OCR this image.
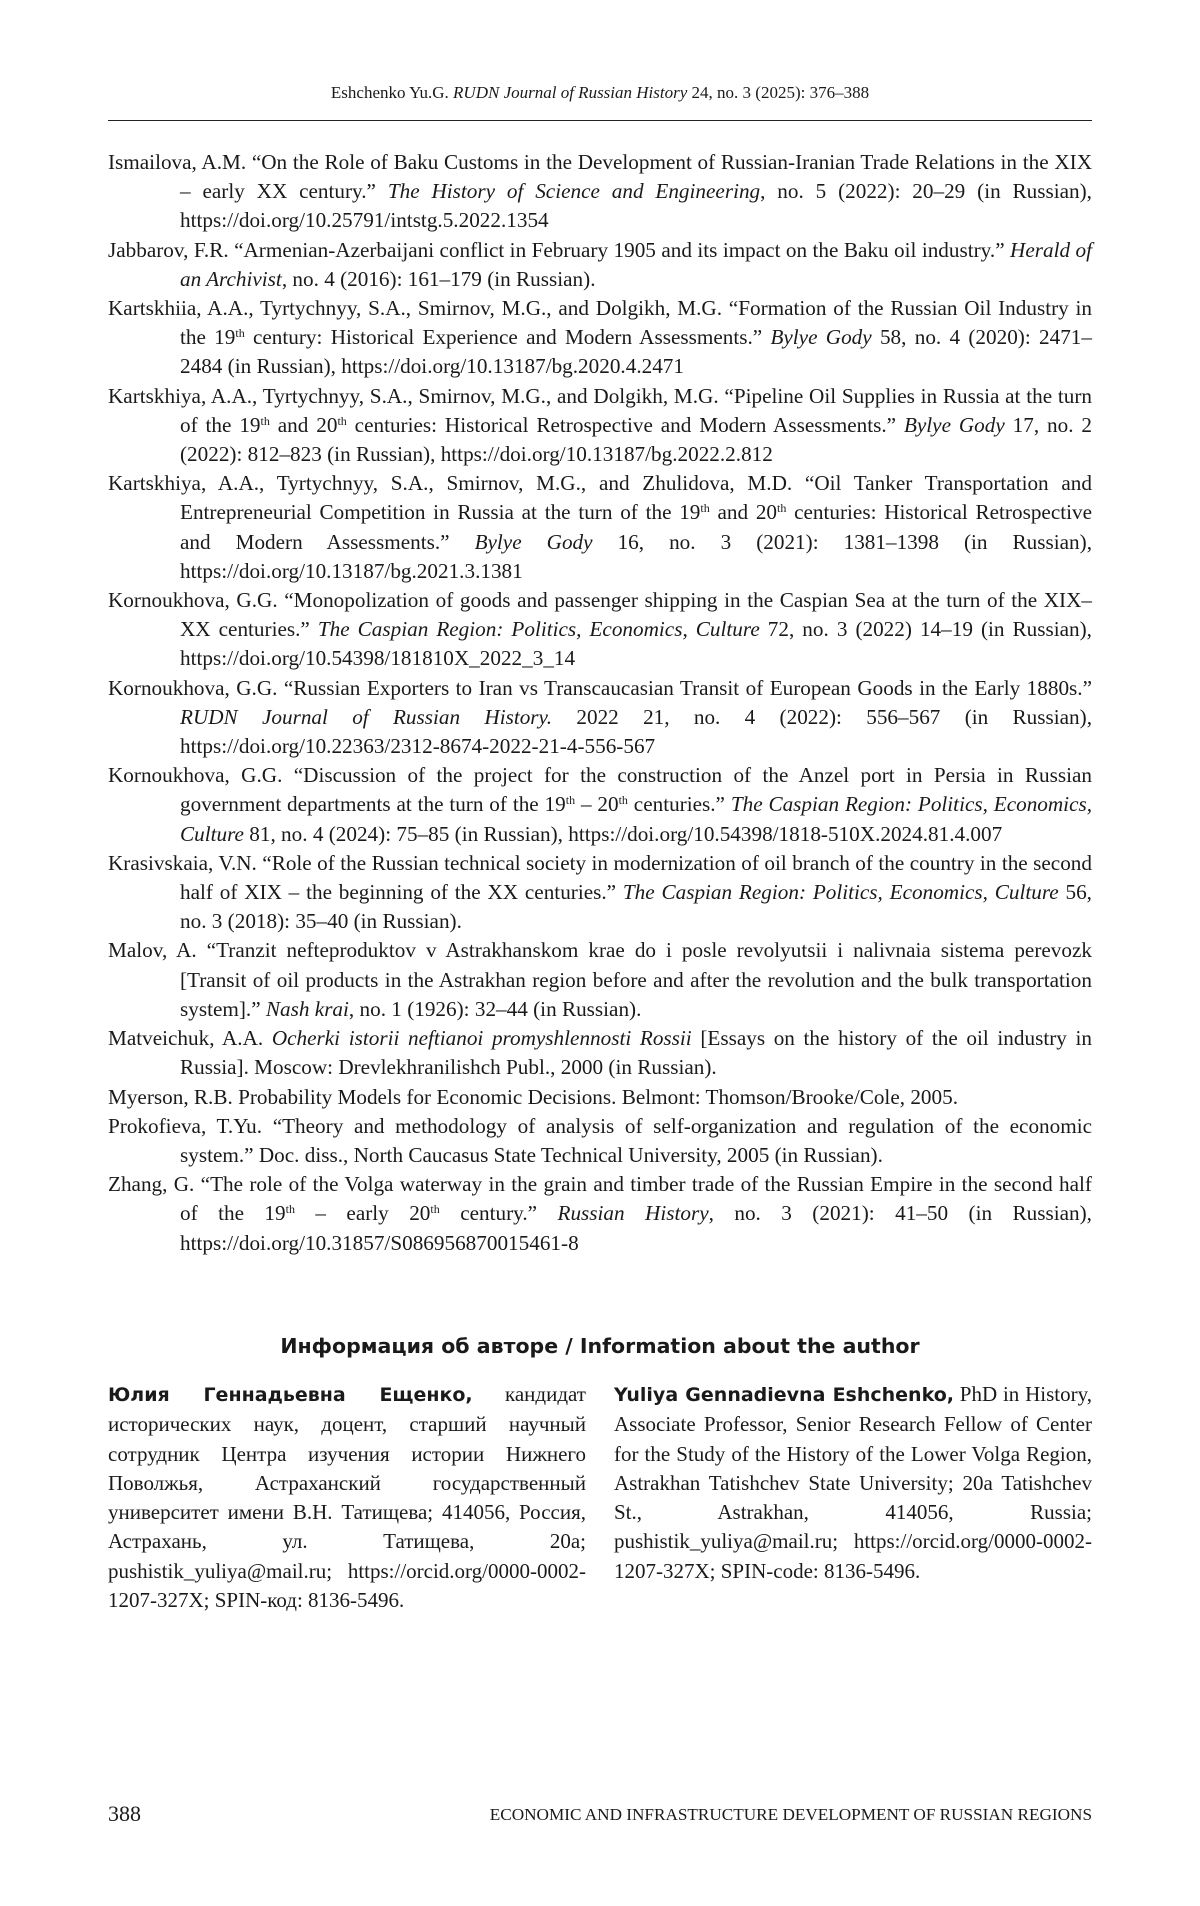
Eshchenko Yu.G. RUDN Journal of Russian History 24, no. 3 (2025): 376–388

Ismailova, A.M. “On the Role of Baku Customs in the Development of Russian-Iranian Trade Relations in the XIX – early XX century.” The History of Science and Engineering, no. 5 (2022): 20–29 (in Russian), https://doi.org/10.25791/intstg.5.2022.1354

Jabbarov, F.R. “Armenian-Azerbaijani conflict in February 1905 and its impact on the Baku oil industry.” Herald of an Archivist, no. 4 (2016): 161–179 (in Russian).

Kartskhiia, A.A., Tyrtychnyy, S.A., Smirnov, M.G., and Dolgikh, M.G. “Formation of the Russian Oil Industry in the 19th century: Historical Experience and Modern Assessments.” Bylye Gody 58, no. 4 (2020): 2471–2484 (in Russian), https://doi.org/10.13187/bg.2020.4.2471

Kartskhiya, A.A., Tyrtychnyy, S.A., Smirnov, M.G., and Dolgikh, M.G. “Pipeline Oil Supplies in Russia at the turn of the 19th and 20th centuries: Historical Retrospective and Modern Assessments.” Bylye Gody 17, no. 2 (2022): 812–823 (in Russian), https://doi.org/10.13187/bg.2022.2.812

Kartskhiya, A.A., Tyrtychnyy, S.A., Smirnov, M.G., and Zhulidova, M.D. “Oil Tanker Transportation and Entrepreneurial Competition in Russia at the turn of the 19th and 20th centuries: Historical Retrospective and Modern Assessments.” Bylye Gody 16, no. 3 (2021): 1381–1398 (in Russian), https://doi.org/10.13187/bg.2021.3.1381

Kornoukhova, G.G. “Monopolization of goods and passenger shipping in the Caspian Sea at the turn of the XIX–XX centuries.” The Caspian Region: Politics, Economics, Culture 72, no. 3 (2022) 14–19 (in Russian), https://doi.org/10.54398/181810X_2022_3_14

Kornoukhova, G.G. “Russian Exporters to Iran vs Transcaucasian Transit of European Goods in the Early 1880s.” RUDN Journal of Russian History. 2022 21, no. 4 (2022): 556–567 (in Russian), https://doi.org/10.22363/2312-8674-2022-21-4-556-567

Kornoukhova, G.G. “Discussion of the project for the construction of the Anzel port in Persia in Russian government departments at the turn of the 19th – 20th centuries.” The Caspian Region: Politics, Economics, Culture 81, no. 4 (2024): 75–85 (in Russian), https://doi.org/10.54398/1818-510X.2024.81.4.007

Krasivskaia, V.N. “Role of the Russian technical society in modernization of oil branch of the country in the second half of XIX – the beginning of the XX centuries.” The Caspian Region: Politics, Economics, Culture 56, no. 3 (2018): 35–40 (in Russian).

Malov, A. “Tranzit nefteproduktov v Astrakhanskom krae do i posle revolyutsii i nalivnaia sistema perevozk [Transit of oil products in the Astrakhan region before and after the revolution and the bulk transportation system].” Nash krai, no. 1 (1926): 32–44 (in Russian).

Matveichuk, A.A. Ocherki istorii neftianoi promyshlennosti Rossii [Essays on the history of the oil industry in Russia]. Moscow: Drevlekhranilishch Publ., 2000 (in Russian).

Myerson, R.B. Probability Models for Economic Decisions. Belmont: Thomson/Brooke/Cole, 2005.

Prokofieva, T.Yu. “Theory and methodology of analysis of self-organization and regulation of the economic system.” Doc. diss., North Caucasus State Technical University, 2005 (in Russian).

Zhang, G. “The role of the Volga waterway in the grain and timber trade of the Russian Empire in the second half of the 19th – early 20th century.” Russian History, no. 3 (2021): 41–50 (in Russian), https://doi.org/10.31857/S086956870015461-8

Информация об авторе / Information about the author
Юлия Геннадьевна Ещенко, кандидат исторических наук, доцент, старший научный сотрудник Центра изучения истории Нижнего Поволжья, Астраханский государственный университет имени В.Н. Татищева; 414056, Россия, Астрахань, ул. Татищева, 20а; pushistik_yuliya@mail.ru; https://orcid.org/0000-0002-1207-327X; SPIN-код: 8136-5496.
Yuliya Gennadievna Eshchenko, PhD in History, Associate Professor, Senior Research Fellow of Center for the Study of the History of the Lower Volga Region, Astrakhan Tatishchev State University; 20a Tatishchev St., Astrakhan, 414056, Russia; pushistik_yuliya@mail.ru; https://orcid.org/0000-0002-1207-327X; SPIN-code: 8136-5496.
388	ECONOMIC AND INFRASTRUCTURE DEVELOPMENT OF RUSSIAN REGIONS
